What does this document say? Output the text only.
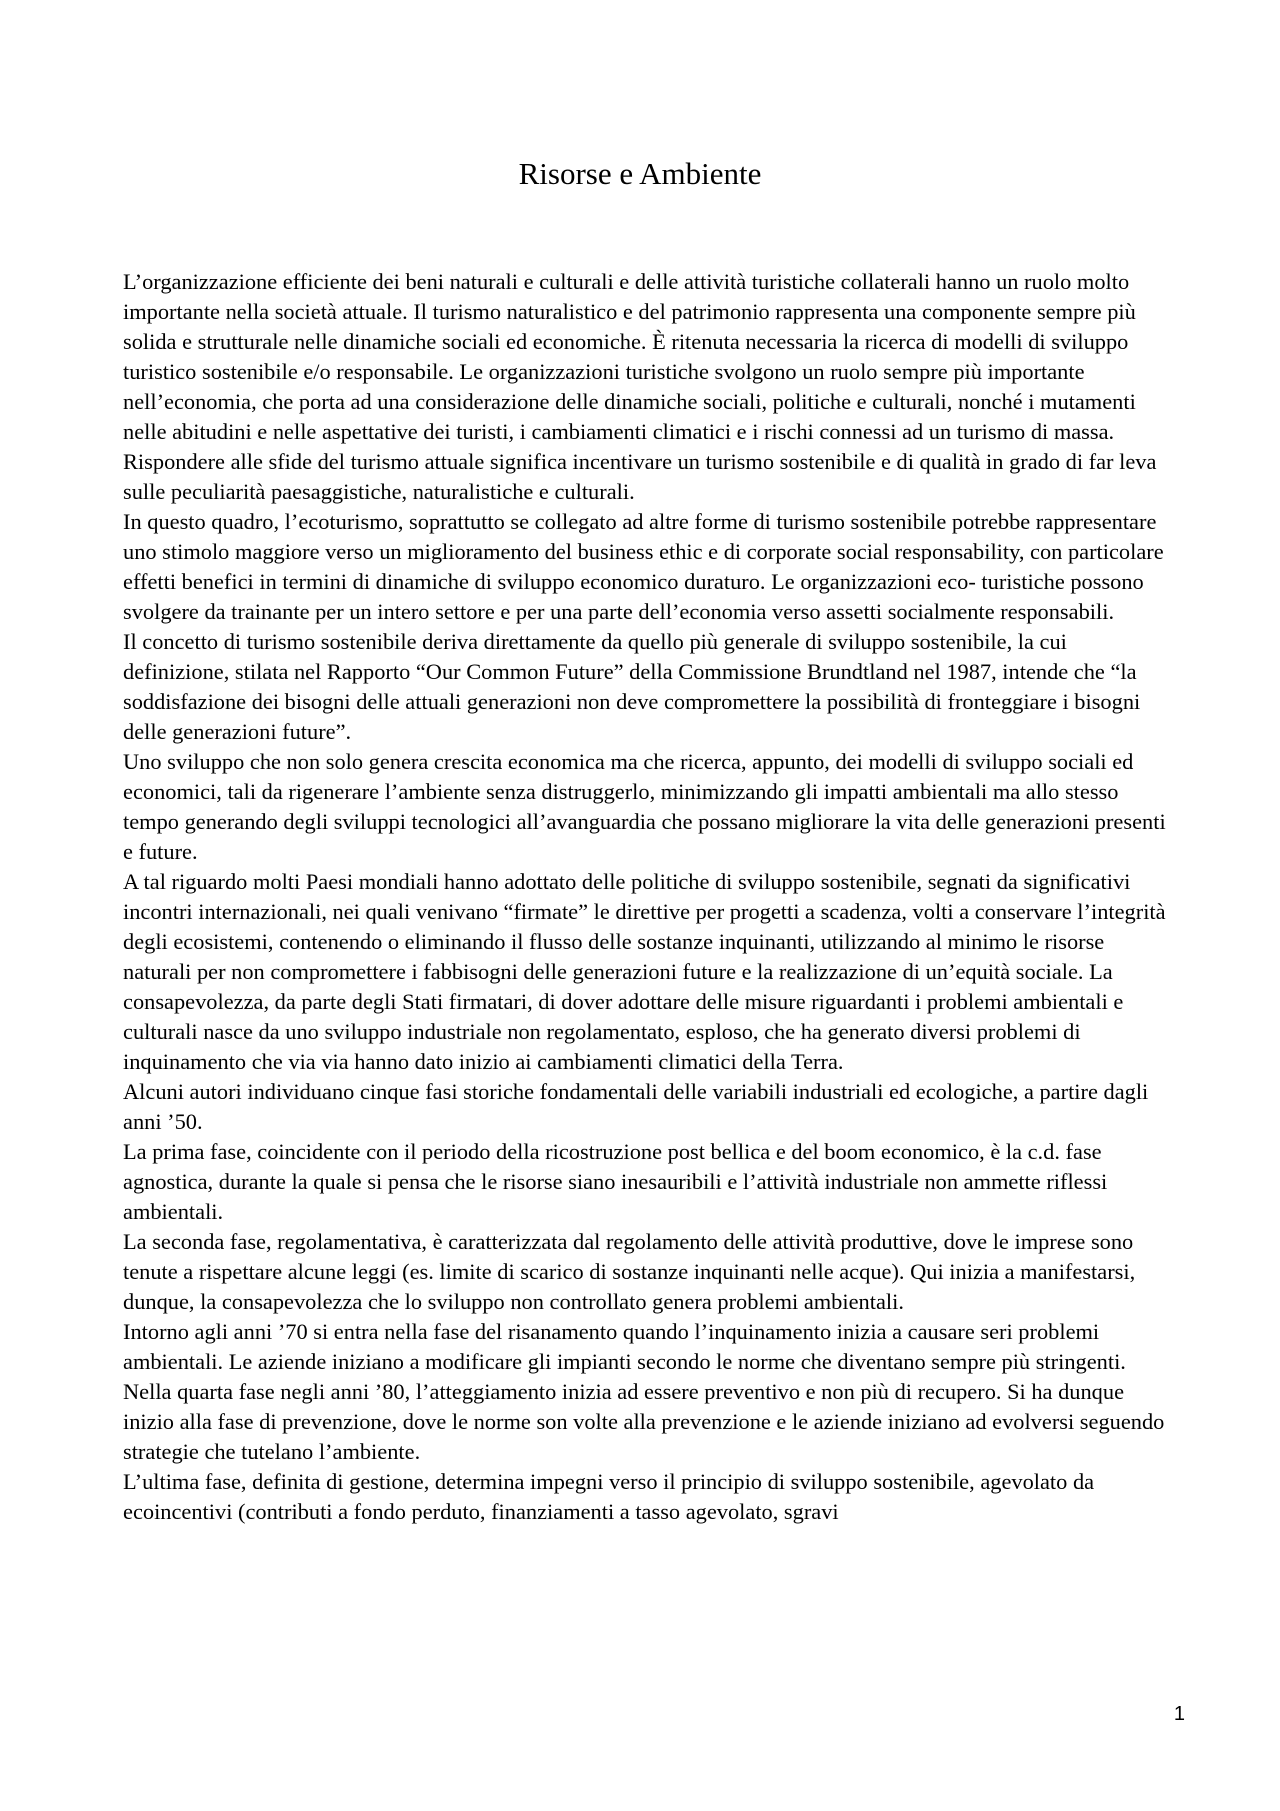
Risorse e Ambiente

L’organizzazione efficiente dei beni naturali e culturali e delle attività turistiche collaterali hanno un ruolo molto importante nella società attuale. Il turismo naturalistico e del patrimonio rappresenta una componente sempre più solida e strutturale nelle dinamiche sociali ed economiche. È ritenuta necessaria la ricerca di modelli di sviluppo turistico sostenibile e/o responsabile. Le organizzazioni turistiche svolgono un ruolo sempre più importante nell’economia, che porta ad una considerazione delle dinamiche sociali, politiche e culturali, nonché i mutamenti nelle abitudini e nelle aspettative dei turisti, i cambiamenti climatici e i rischi connessi ad un turismo di massa. Rispondere alle sfide del turismo attuale significa incentivare un turismo sostenibile e di qualità in grado di far leva sulle peculiarità paesaggistiche, naturalistiche e culturali.

In questo quadro, l’ecoturismo, soprattutto se collegato ad altre forme di turismo sostenibile potrebbe rappresentare uno stimolo maggiore verso un miglioramento del business ethic e di corporate social responsability, con particolare effetti benefici in termini di dinamiche di sviluppo economico duraturo. Le organizzazioni eco- turistiche possono svolgere da trainante per un intero settore e per una parte dell’economia verso assetti socialmente responsabili.

Il concetto di turismo sostenibile deriva direttamente da quello più generale di sviluppo sostenibile, la cui definizione, stilata nel Rapporto “Our Common Future” della Commissione Brundtland nel 1987, intende che “la soddisfazione dei bisogni delle attuali generazioni non deve compromettere la possibilità di fronteggiare i bisogni delle generazioni future”.

Uno sviluppo che non solo genera crescita economica ma che ricerca, appunto, dei modelli di sviluppo sociali ed economici, tali da rigenerare l’ambiente senza distruggerlo, minimizzando gli impatti ambientali ma allo stesso tempo generando degli sviluppi tecnologici all’avanguardia che possano migliorare la vita delle generazioni presenti e future.

A tal riguardo molti Paesi mondiali hanno adottato delle politiche di sviluppo sostenibile, segnati da significativi incontri internazionali, nei quali venivano “firmate” le direttive per progetti a scadenza, volti a conservare l’integrità degli ecosistemi, contenendo o eliminando il flusso delle sostanze inquinanti, utilizzando al minimo le risorse naturali per non compromettere i fabbisogni delle generazioni future e la realizzazione di un’equità sociale. La consapevolezza, da parte degli Stati firmatari, di dover adottare delle misure riguardanti i problemi ambientali e culturali nasce da uno sviluppo industriale non regolamentato, esploso, che ha generato diversi problemi di inquinamento che via via hanno dato inizio ai cambiamenti climatici della Terra.

Alcuni autori individuano cinque fasi storiche fondamentali delle variabili industriali ed ecologiche, a partire dagli anni ’50.

La prima fase, coincidente con il periodo della ricostruzione post bellica e del boom economico, è la c.d. fase agnostica, durante la quale si pensa che le risorse siano inesauribili e l’attività industriale non ammette riflessi ambientali.

La seconda fase, regolamentativa, è caratterizzata dal regolamento delle attività produttive, dove le imprese sono tenute a rispettare alcune leggi (es. limite di scarico di sostanze inquinanti nelle acque). Qui inizia a manifestarsi, dunque, la consapevolezza che lo sviluppo non controllato genera problemi ambientali.

Intorno agli anni ’70 si entra nella fase del risanamento quando l’inquinamento inizia a causare seri problemi ambientali. Le aziende iniziano a modificare gli impianti secondo le norme che diventano sempre più stringenti.

Nella quarta fase negli anni ’80, l’atteggiamento inizia ad essere preventivo e non più di recupero. Si ha dunque inizio alla fase di prevenzione, dove le norme son volte alla prevenzione e le aziende iniziano ad evolversi seguendo strategie che tutelano l’ambiente.

L’ultima fase, definita di gestione, determina impegni verso il principio di sviluppo sostenibile, agevolato da ecoincentivi (contributi a fondo perduto, finanziamenti a tasso agevolato, sgravi

1
